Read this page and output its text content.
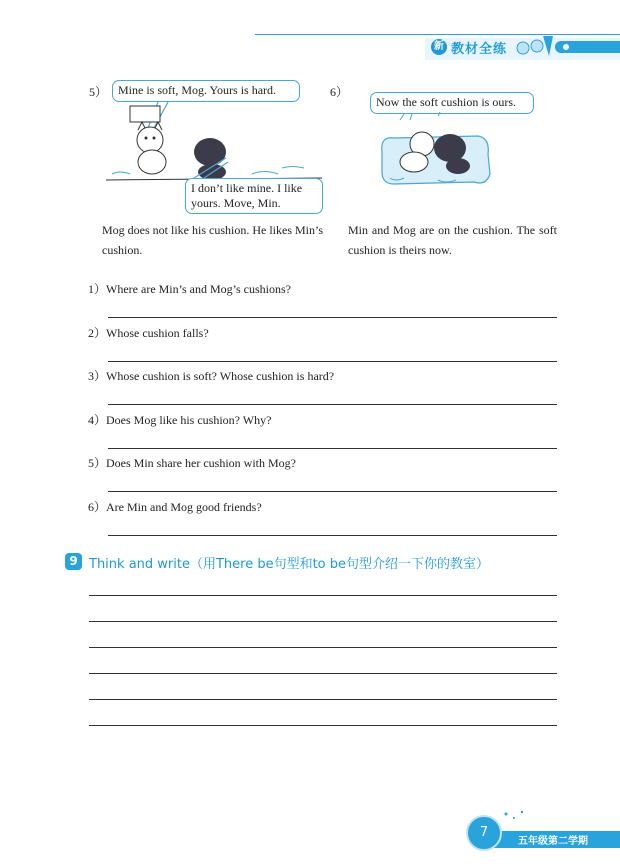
新 教材全练
5） Mine is soft, Mog. Yours is hard.
I don’t like mine. I like yours. Move, Min.
Mog does not like his cushion. He likes Min’s cushion.
6）
Now the soft cushion is ours.
Min and Mog are on the cushion. The soft cushion is theirs now.
1）Where are Min’s and Mog’s cushions?
2）Whose cushion falls?
3）Whose cushion is soft? Whose cushion is hard?
4）Does Mog like his cushion? Why?
5）Does Min share her cushion with Mog?
6）Are Min and Mog good friends?
9 Think and write（用There be句型和to be句型介绍一下你的教室）
7
五年级第二学期
